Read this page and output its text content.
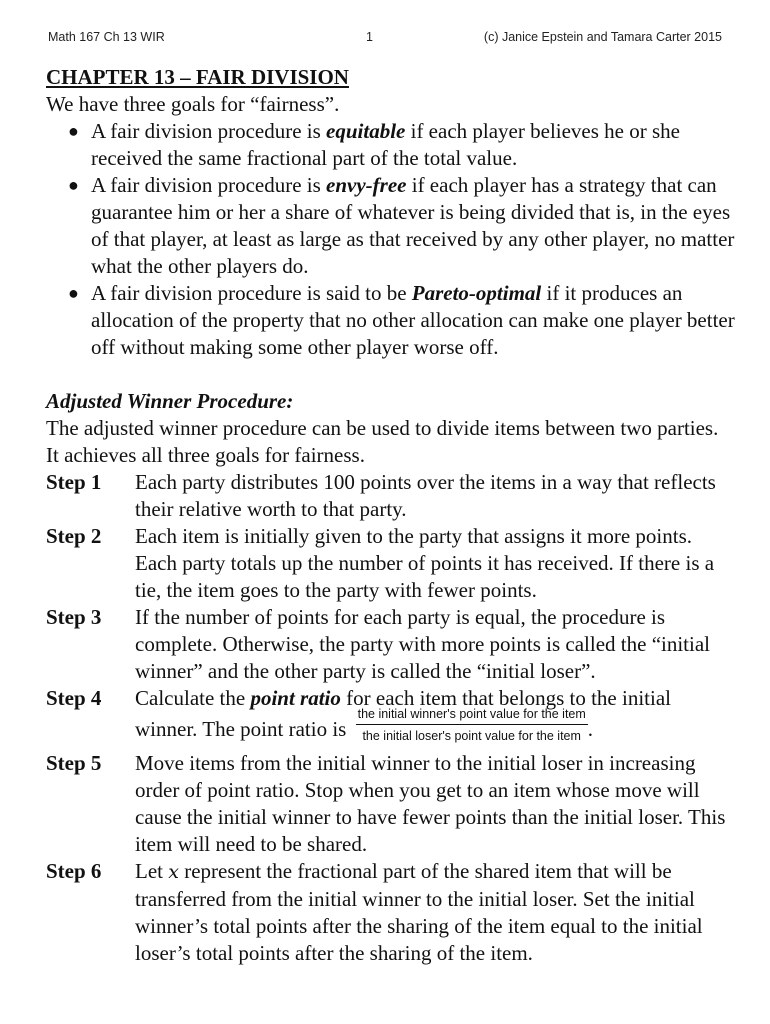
Math 167 Ch 13 WIR	1	(c) Janice Epstein and Tamara Carter 2015
CHAPTER 13 – FAIR DIVISION

We have three goals for “fairness”.

● A fair division procedure is equitable if each player believes he or she received the same fractional part of the total value.
● A fair division procedure is envy-free if each player has a strategy that can guarantee him or her a share of whatever is being divided that is, in the eyes of that player, at least as large as that received by any other player, no matter what the other players do.
● A fair division procedure is said to be Pareto-optimal if it produces an allocation of the property that no other allocation can make one player better off without making some other player worse off.

Adjusted Winner Procedure:

The adjusted winner procedure can be used to divide items between two parties. It achieves all three goals for fairness.

Step 1 Each party distributes 100 points over the items in a way that reflects their relative worth to that party.
Step 2 Each item is initially given to the party that assigns it more points. Each party totals up the number of points it has received. If there is a tie, the item goes to the party with fewer points.
Step 3 If the number of points for each party is equal, the procedure is complete. Otherwise, the party with more points is called the “initial winner” and the other party is called the “initial loser”.
Step 4 Calculate the point ratio for each item that belongs to the initial winner. The point ratio is $\frac{\text{the initial winner's point value for the item}}{\text{the initial loser's point value for the item}}$ .
Step 5 Move items from the initial winner to the initial loser in increasing order of point ratio. Stop when you get to an item whose move will cause the initial winner to have fewer points than the initial loser. This item will need to be shared.
Step 6 Let x represent the fractional part of the shared item that will be transferred from the initial winner to the initial loser. Set the initial winner’s total points after the sharing of the item equal to the initial loser’s total points after the sharing of the item.
